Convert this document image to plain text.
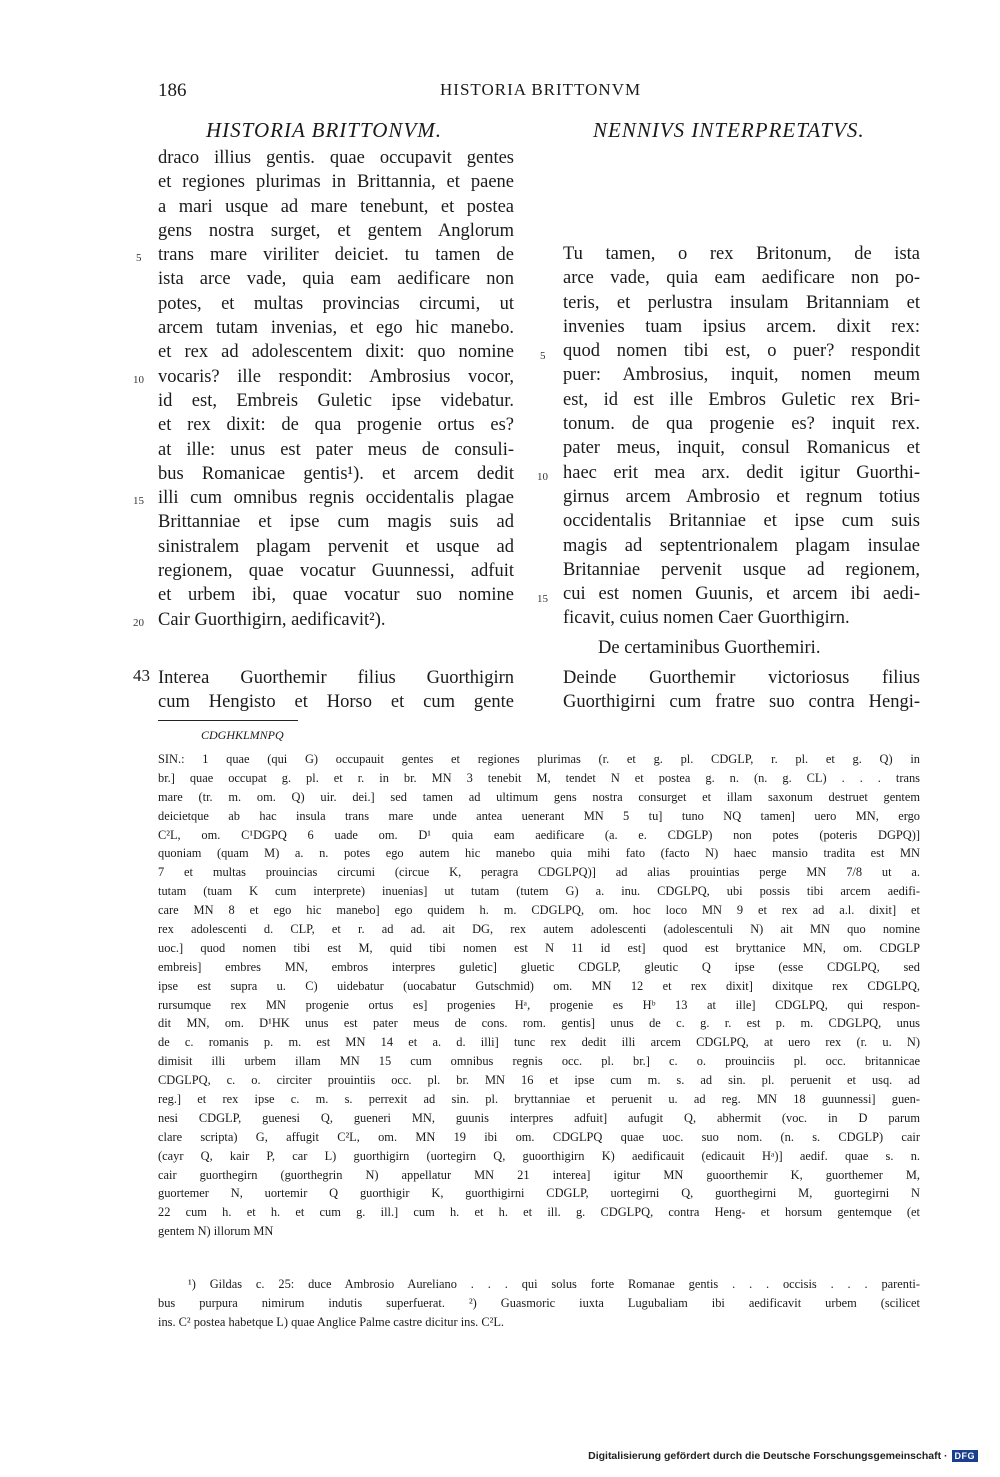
186	HISTORIA BRITTONVM
HISTORIA BRITTONVM.	NENNIVS INTERPRETATVS.
draco illius gentis. quae occupavit gentes
et regiones plurimas in Brittannia, et paene
a mari usque ad mare tenebunt, et postea
gens nostra surget, et gentem Anglorum
trans mare viriliter deiciet. tu tamen de
ista arce vade, quia eam aedificare non
potes, et multas provincias circumi, ut
arcem tutam invenias, et ego hic manebo.
et rex ad adolescentem dixit: quo nomine
vocaris? ille respondit: Ambrosius vocor,
id est, Embreis Guletic ipse videbatur.
et rex dixit: de qua progenie ortus es?
at ille: unus est pater meus de consuli-
bus Romanicae gentis¹). et arcem dedit
illi cum omnibus regnis occidentalis plagae
Brittanniae et ipse cum magis suis ad
sinistralem plagam pervenit et usque ad
regionem, quae vocatur Guunnessi, adfuit
et urbem ibi, quae vocatur suo nomine
Cair Guorthigirn, aedificavit²).
Tu tamen, o rex Britonum, de ista
arce vade, quia eam aedificare non po-
teris, et perlustra insulam Britanniam et
invenies tuam ipsius arcem. dixit rex:
quod nomen tibi est, o puer? respondit
puer: Ambrosius, inquit, nomen meum
est, id est ille Embros Guletic rex Bri-
tonum. de qua progenie es? inquit rex.
pater meus, inquit, consul Romanicus et
haec erit mea arx. dedit igitur Guorthi-
girnus arcem Ambrosio et regnum totius
occidentalis Britanniae et ipse cum suis
magis ad septentrionalem plagam insulae
Britanniae pervenit usque ad regionem,
cui est nomen Guunis, et arcem ibi aedi-
ficavit, cuius nomen Caer Guorthigirn.
5
10
15
20
5
10
15
De certaminibus Guorthemiri.
43 Interea Guorthemir filius Guorthigirn
cum Hengisto et Horso et cum gente
Deinde Guorthemir victoriosus filius
Guorthigirni cum fratre suo contra Hengi-
CDGHKLMNPQ
SIN.: 1 quae (qui G) occupauit gentes et regiones plurimas (r. et g. pl. CDGLP, r. pl. et g. Q) in
br.] quae occupat g. pl. et r. in br. MN 3 tenebit M, tendet N et postea g. n. (n. g. CL) . . . trans
mare (tr. m. om. Q) uir. dei.] sed tamen ad ultimum gens nostra consurget et illam saxonum destruet gentem
deicietque ab hac insula trans mare unde antea uenerant MN 5 tu] tuno NQ tamen] uero MN, ergo
C²L, om. C¹DGPQ 6 uade om. D¹ quia eam aedificare (a. e. CDGLP) non potes (poteris DGPQ)]
quoniam (quam M) a. n. potes ego autem hic manebo quia mihi fato (facto N) haec mansio tradita est MN
7 et multas prouincias circumi (circue K, peragra CDGLPQ)] ad alias prouintias perge MN 7/8 ut a.
tutam (tuam K cum interprete) inuenias] ut tutam (tutem G) a. inu. CDGLPQ, ubi possis tibi arcem aedifi-
care MN 8 et ego hic manebo] ego quidem h. m. CDGLPQ, om. hoc loco MN 9 et rex ad a.l. dixit] et
rex adolescenti d. CLP, et r. ad ad. ait DG, rex autem adolescenti (adolescentuli N) ait MN quo nomine
uoc.] quod nomen tibi est M, quid tibi nomen est N 11 id est] quod est bryttanice MN, om. CDGLP
embreis] embres MN, embros interpres guletic] gluetic CDGLP, gleutic Q ipse (esse CDGLPQ, sed
ipse est supra u. C) uidebatur (uocabatur Gutschmid) om. MN 12 et rex dixit] dixitque rex CDGLPQ,
rursumque rex MN progenie ortus es] progenies Hᵃ, progenie es Hᵇ 13 at ille] CDGLPQ, qui respon-
dit MN, om. D¹HK unus est pater meus de cons. rom. gentis] unus de c. g. r. est p. m. CDGLPQ, unus
de c. romanis p. m. est MN 14 et a. d. illi] tunc rex dedit illi arcem CDGLPQ, at uero rex (r. u. N)
dimisit illi urbem illam MN 15 cum omnibus regnis occ. pl. br.] c. o. prouinciis pl. occ. britannicae
CDGLPQ, c. o. circiter prouintiis occ. pl. br. MN 16 et ipse cum m. s. ad sin. pl. peruenit et usq. ad
reg.] et rex ipse c. m. s. perrexit ad sin. pl. bryttanniae et peruenit u. ad reg. MN 18 guunnessi] guen-
nesi CDGLP, guenesi Q, gueneri MN, guunis interpres adfuit] aufugit Q, abhermit (voc. in D parum
clare scripta) G, affugit C²L, om. MN 19 ibi om. CDGLPQ quae uoc. suo nom. (n. s. CDGLP) cair
(cayr Q, kair P, car L) guorthigirn (uortegirn Q, guoorthigirn K) aedificauit (edicauit Hᵃ)] aedif. quae s. n.
cair guorthegirn (guorthegrin N) appellatur MN 21 interea] igitur MN guoorthemir K, guorthemer M,
guortemer N, uortemir Q guorthigir K, guorthigirni CDGLP, uortegirni Q, guorthegirni M, guortegirni N
22 cum h. et h. et cum g. ill.] cum h. et h. et ill. g. CDGLPQ, contra Heng- et horsum gentemque (et
gentem N) illorum MN
¹) Gildas c. 25: duce Ambrosio Aureliano . . . qui solus forte Romanae gentis . . . occisis . . . parenti-
bus purpura nimirum indutis superfuerat. ²) Guasmoric iuxta Lugubaliam ibi aedificavit urbem (scilicet
ins. C² postea habetque L) quae Anglice Palme castre dicitur ins. C²L.
Digitalisierung gefördert durch die Deutsche Forschungsgemeinschaft · DFG
